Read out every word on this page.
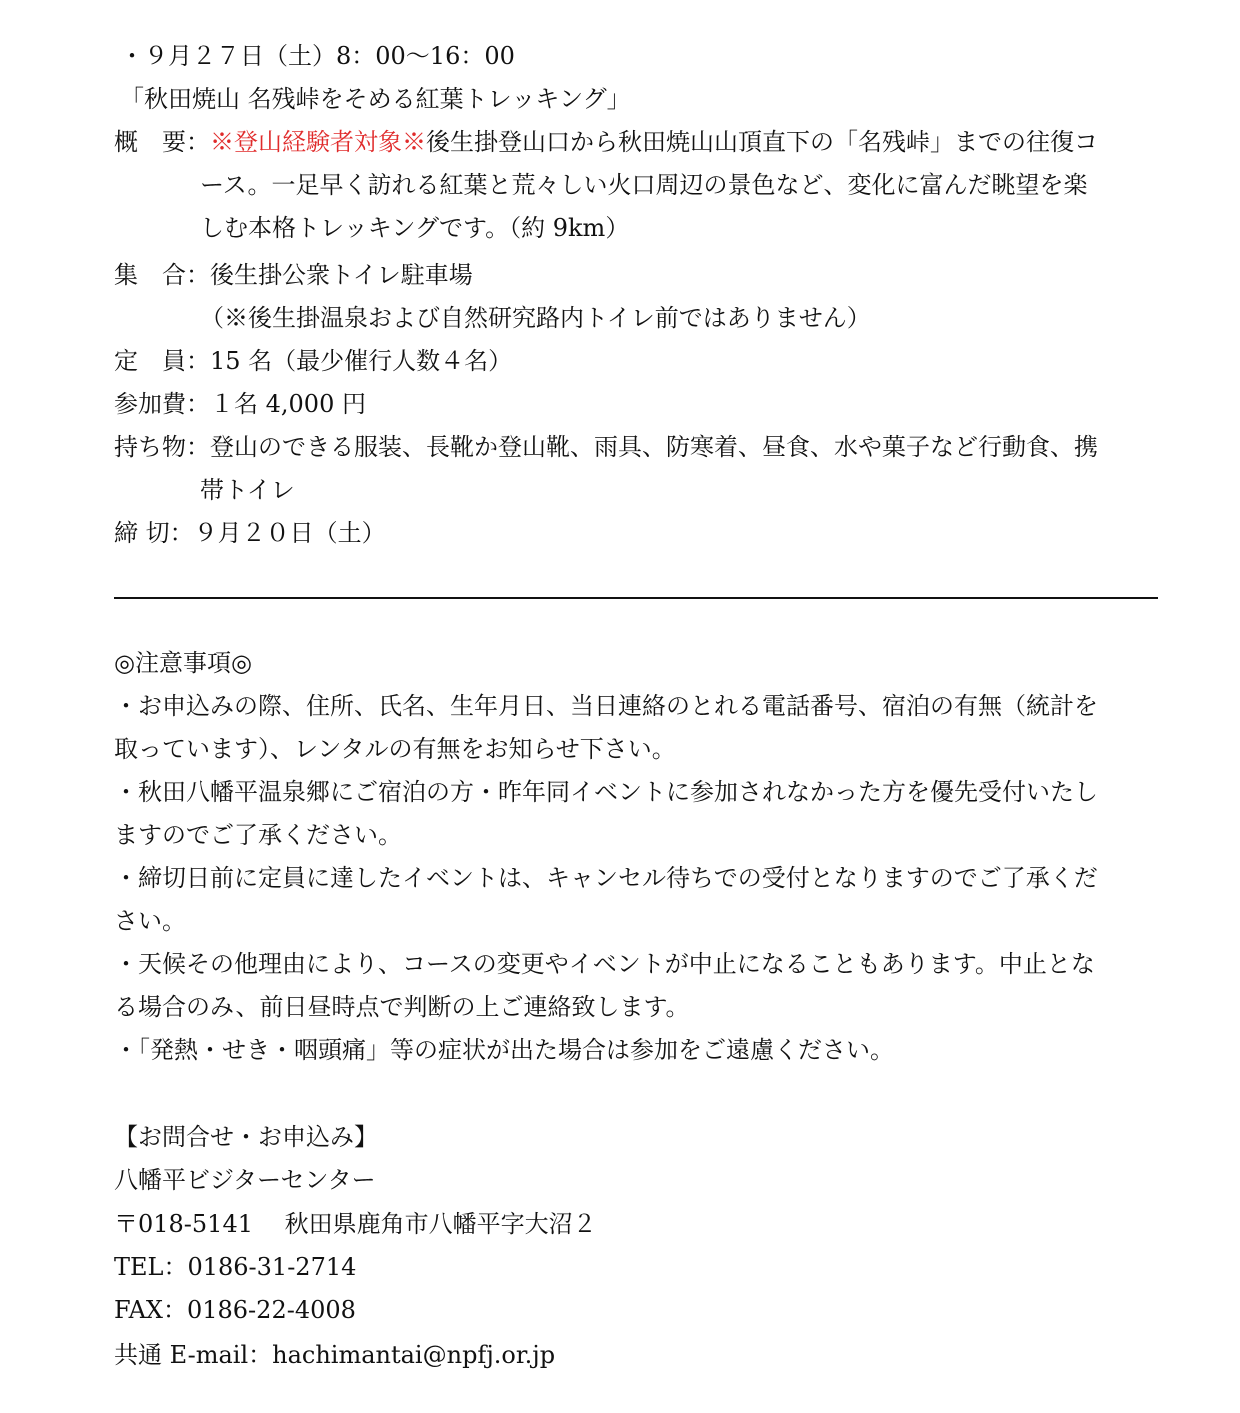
・９月２７日（土）8：00〜16：00
「秋田焼山 名残峠をそめる紅葉トレッキング」
概　要：※登山経験者対象※後生掛登山口から秋田焼山山頂直下の「名残峠」までの往復コ
ース。一足早く訪れる紅葉と荒々しい火口周辺の景色など、変化に富んだ眺望を楽
しむ本格トレッキングです。（約 9km）
集　合：後生掛公衆トイレ駐車場
（※後生掛温泉および自然研究路内トイレ前ではありません）
定　員：15 名（最少催行人数４名）
参加費：１名 4,000 円
持ち物：登山のできる服装、長靴か登山靴、雨具、防寒着、昼食、水や菓子など行動食、携
帯トイレ
締 切：９月２０日（土）
◎注意事項◎
・お申込みの際、住所、氏名、生年月日、当日連絡のとれる電話番号、宿泊の有無（統計を
取っています）、レンタルの有無をお知らせ下さい。
・秋田八幡平温泉郷にご宿泊の方・昨年同イベントに参加されなかった方を優先受付いたし
ますのでご了承ください。
・締切日前に定員に達したイベントは、キャンセル待ちでの受付となりますのでご了承くだ
さい。
・天候その他理由により、コースの変更やイベントが中止になることもあります。中止とな
る場合のみ、前日昼時点で判断の上ご連絡致します。
・「発熱・せき・咽頭痛」等の症状が出た場合は参加をご遠慮ください。
【お問合せ・お申込み】
八幡平ビジターセンター
〒018-5141　 秋田県鹿角市八幡平字大沼２
TEL：0186-31-2714
FAX：0186-22-4008
共通 E-mail：hachimantai@npfj.or.jp
